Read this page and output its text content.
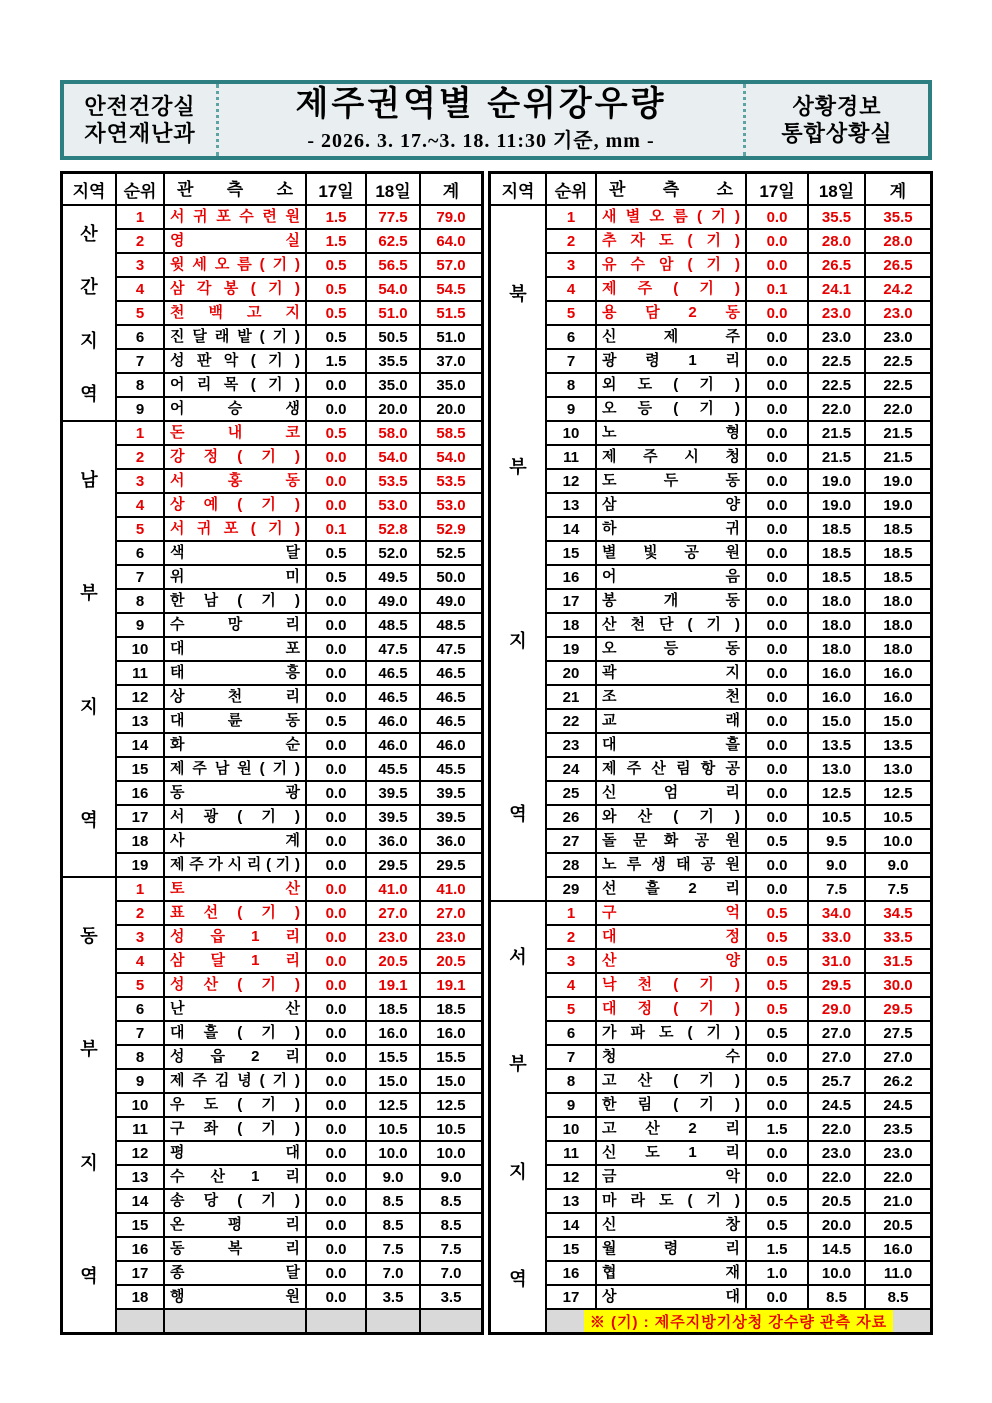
안전건강실
자연재난과
제주권역별 순위강우량
- 2026. 3. 17.~3. 18. 11:30 기준, mm -
상황경보
통합상황실
지역	순위	관 측 소	17일	18일	계
산
간
지
역
1	서 귀 포 수 련 원	1.5	77.5	79.0
2	영 실	1.5	62.5	64.0
3	윗 세 오 름 ( 기 )	0.5	56.5	57.0
4	삼 각 봉 ( 기 )	0.5	54.0	54.5
5	천 백 고 지	0.5	51.0	51.5
6	진 달 래 밭 ( 기 )	0.5	50.5	51.0
7	성 판 악 ( 기 )	1.5	35.5	37.0
8	어 리 목 ( 기 )	0.0	35.0	35.0
9	어 승 생	0.0	20.0	20.0
남
부
지
역
1	돈 내 코	0.5	58.0	58.5
2	강 정 ( 기 )	0.0	54.0	54.0
3	서 홍 동	0.0	53.5	53.5
4	상 예 ( 기 )	0.0	53.0	53.0
5	서 귀 포 ( 기 )	0.1	52.8	52.9
6	색 달	0.5	52.0	52.5
7	위 미	0.5	49.5	50.0
8	한 남 ( 기 )	0.0	49.0	49.0
9	수 망 리	0.0	48.5	48.5
10	대 포	0.0	47.5	47.5
11	태 흥	0.0	46.5	46.5
12	상 천 리	0.0	46.5	46.5
13	대 륜 동	0.5	46.0	46.5
14	화 순	0.0	46.0	46.0
15	제 주 남 원 ( 기 )	0.0	45.5	45.5
16	동 광	0.0	39.5	39.5
17	서 광 ( 기 )	0.0	39.5	39.5
18	사 계	0.0	36.0	36.0
19	제 주 가 시 리 ( 기 )	0.0	29.5	29.5
동
부
지
역
1	토 산	0.0	41.0	41.0
2	표 선 ( 기 )	0.0	27.0	27.0
3	성 읍 1 리	0.0	23.0	23.0
4	삼 달 1 리	0.0	20.5	20.5
5	성 산 ( 기 )	0.0	19.1	19.1
6	난 산	0.0	18.5	18.5
7	대 흘 ( 기 )	0.0	16.0	16.0
8	성 읍 2 리	0.0	15.5	15.5
9	제 주 김 녕 ( 기 )	0.0	15.0	15.0
10	우 도 ( 기 )	0.0	12.5	12.5
11	구 좌 ( 기 )	0.0	10.5	10.5
12	평 대	0.0	10.0	10.0
13	수 산 1 리	0.0	9.0	9.0
14	송 당 ( 기 )	0.0	8.5	8.5
15	온 평 리	0.0	8.5	8.5
16	동 복 리	0.0	7.5	7.5
17	종 달	0.0	7.0	7.0
18	행 원	0.0	3.5	3.5
지역	순위	관 측 소	17일	18일	계
북
부
지
역
1	새 별 오 름 ( 기 )	0.0	35.5	35.5
2	추 자 도 ( 기 )	0.0	28.0	28.0
3	유 수 암 ( 기 )	0.0	26.5	26.5
4	제 주 ( 기 )	0.1	24.1	24.2
5	용 담 2 동	0.0	23.0	23.0
6	신 제 주	0.0	23.0	23.0
7	광 령 1 리	0.0	22.5	22.5
8	외 도 ( 기 )	0.0	22.5	22.5
9	오 등 ( 기 )	0.0	22.0	22.0
10	노 형	0.0	21.5	21.5
11	제 주 시 청	0.0	21.5	21.5
12	도 두 동	0.0	19.0	19.0
13	삼 양	0.0	19.0	19.0
14	하 귀	0.0	18.5	18.5
15	별 빛 공 원	0.0	18.5	18.5
16	어 음	0.0	18.5	18.5
17	봉 개 동	0.0	18.0	18.0
18	산 천 단 ( 기 )	0.0	18.0	18.0
19	오 등 동	0.0	18.0	18.0
20	곽 지	0.0	16.0	16.0
21	조 천	0.0	16.0	16.0
22	교 래	0.0	15.0	15.0
23	대 흘	0.0	13.5	13.5
24	제 주 산 림 항 공	0.0	13.0	13.0
25	신 엄 리	0.0	12.5	12.5
26	와 산 ( 기 )	0.0	10.5	10.5
27	돌 문 화 공 원	0.5	9.5	10.0
28	노 루 생 태 공 원	0.0	9.0	9.0
29	선 흘 2 리	0.0	7.5	7.5
서
부
지
역
1	구 억	0.5	34.0	34.5
2	대 정	0.5	33.0	33.5
3	산 양	0.5	31.0	31.5
4	낙 천 ( 기 )	0.5	29.5	30.0
5	대 정 ( 기 )	0.5	29.0	29.5
6	가 파 도 ( 기 )	0.5	27.0	27.5
7	청 수	0.0	27.0	27.0
8	고 산 ( 기 )	0.5	25.7	26.2
9	한 림 ( 기 )	0.0	24.5	24.5
10	고 산 2 리	1.5	22.0	23.5
11	신 도 1 리	0.0	23.0	23.0
12	금 악	0.0	22.0	22.0
13	마 라 도 ( 기 )	0.5	20.5	21.0
14	신 창	0.5	20.0	20.5
15	월 령 리	1.5	14.5	16.0
16	협 재	1.0	10.0	11.0
17	상 대	0.0	8.5	8.5
※ (기) : 제주지방기상청 강수량 관측 자료
